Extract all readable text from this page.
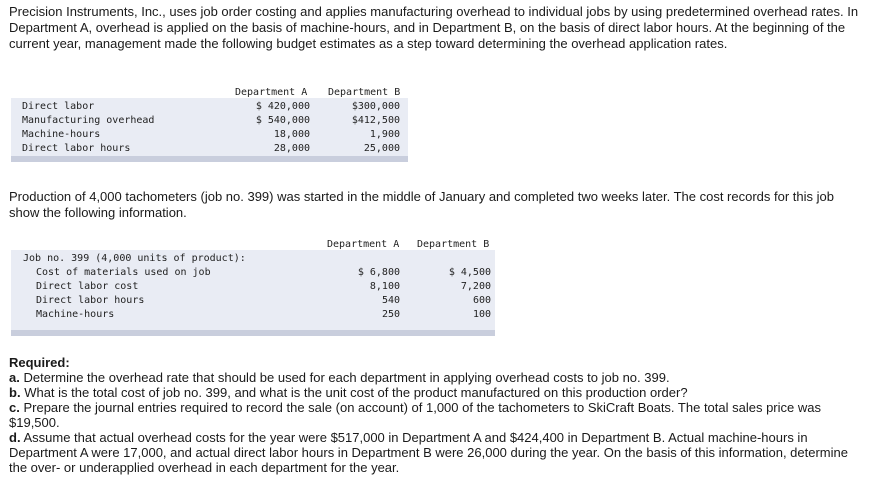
Precision Instruments, Inc., uses job order costing and applies manufacturing overhead to individual jobs by using predetermined overhead rates. In Department A, overhead is applied on the basis of machine-hours, and in Department B, on the basis of direct labor hours. At the beginning of the current year, management made the following budget estimates as a step toward determining the overhead application rates.

Department A Department B
Direct labor	$ 420,000	$300,000
Manufacturing overhead	$ 540,000	$412,500
Machine-hours	18,000	1,900
Direct labor hours	28,000	25,000

Production of 4,000 tachometers (job no. 399) was started in the middle of January and completed two weeks later. The cost records for this job show the following information.

Department A Department B
Job no. 399 (4,000 units of product):
Cost of materials used on job	$ 6,800	$ 4,500
Direct labor cost	8,100	7,200
Direct labor hours	540	600
Machine-hours	250	100

Required:

a. Determine the overhead rate that should be used for each department in applying overhead costs to job no. 399.

b. What is the total cost of job no. 399, and what is the unit cost of the product manufactured on this production order?

c. Prepare the journal entries required to record the sale (on account) of 1,000 of the tachometers to SkiCraft Boats. The total sales price was $19,500.

d. Assume that actual overhead costs for the year were $517,000 in Department A and $424,400 in Department B. Actual machine-hours in Department A were 17,000, and actual direct labor hours in Department B were 26,000 during the year. On the basis of this information, determine the over- or underapplied overhead in each department for the year.
